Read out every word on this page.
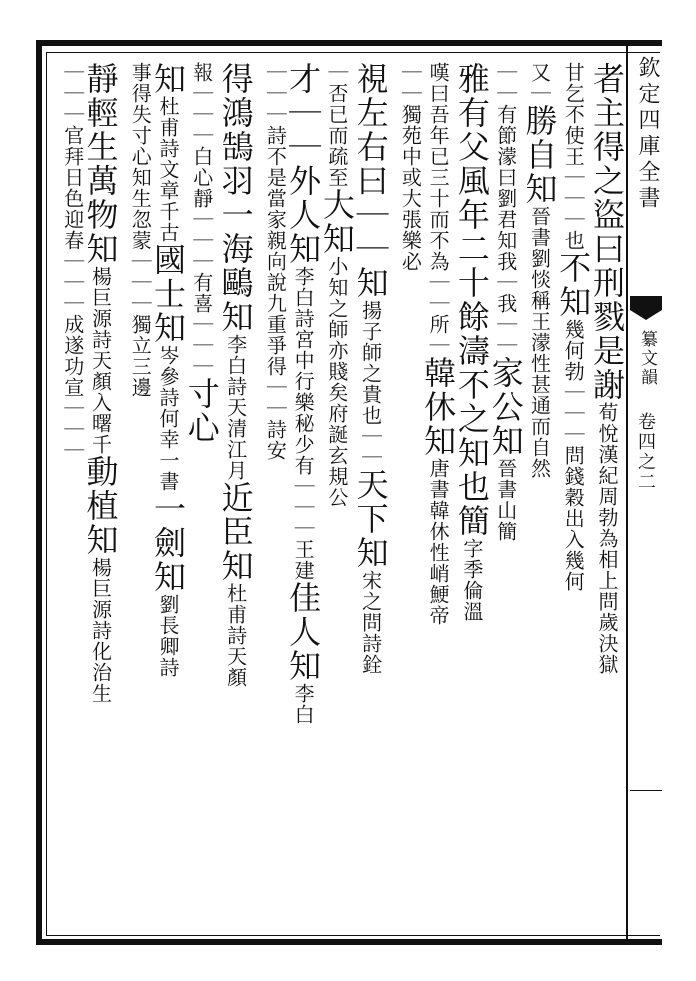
欽定四庫全書
纂文韻
卷四之二
者主得之盜曰刑戮是謝荀悅漢紀周勃為相上問歲決獄
甘乞不使王｜｜｜也不知幾何勃｜｜｜問錢穀出入幾何
又｜勝自知晉書劉惔稱王濛性甚通而自然
｜｜有節濛曰劉君知我｜我｜｜家公知晉書山簡
雅有父風年二十餘濤不之知也簡字季倫溫
嘆曰吾年已三十而不為｜｜所｜韓休知唐書韓休性峭鯁帝
｜｜獨苑中或大張樂必
視左右曰｜｜知揚子師之貴也｜｜天下知宋之問詩銓
｜否已而疏至大知小知之師亦賤矣府誕玄規公
才｜｜外人知李白詩宮中行樂秘少有｜｜｜王建佳人知李白
｜｜｜詩不是當家親向說九重爭得｜｜詩安
得鴻鵠羽一海鷗知李白詩天清江月近臣知杜甫詩天顏
報｜｜｜白心靜｜｜｜有喜｜｜｜寸心
知杜甫詩文章千古國士知岑參詩何幸一書一劍知劉長卿詩
事得失寸心知生忽蒙｜｜｜獨立三邊
靜輕生萬物知楊巨源詩天顏入曙千動植知楊巨源詩化治生
｜｜｜官拜日色迎春｜｜｜成遂功宣｜｜｜
